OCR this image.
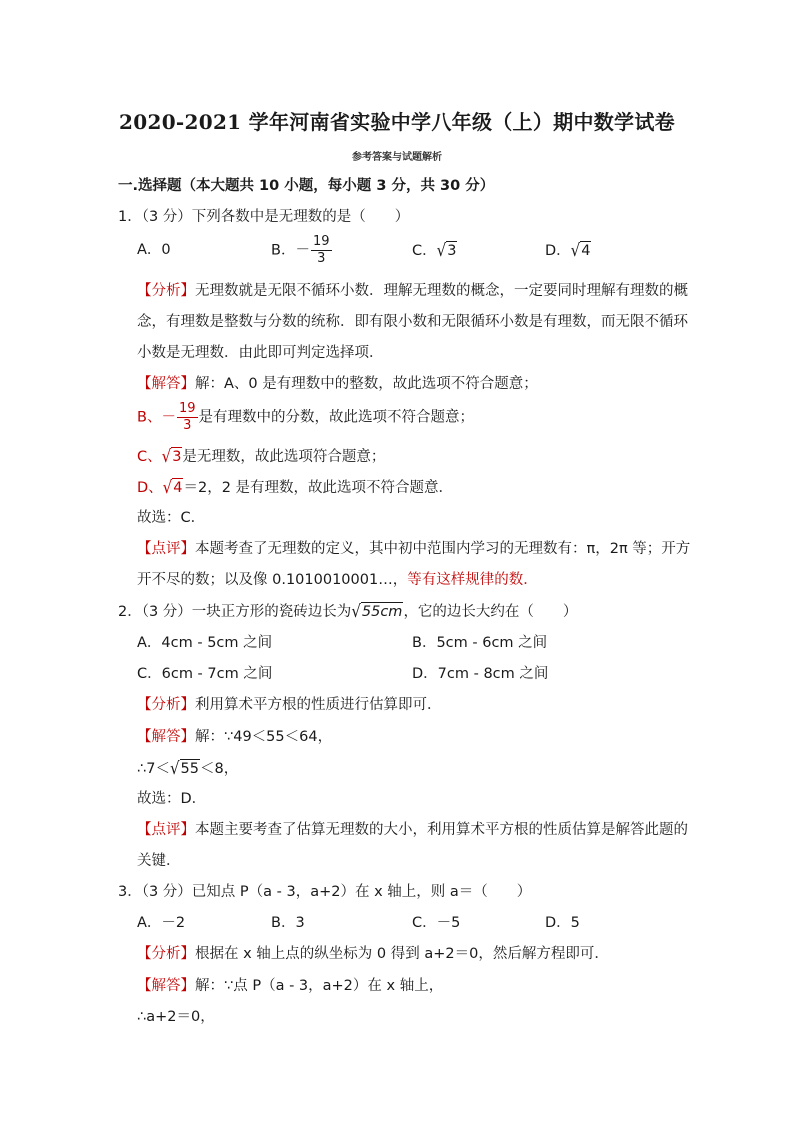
2020-2021 学年河南省实验中学八年级（上）期中数学试卷
参考答案与试题解析
一.选择题（本大题共 10 小题，每小题 3 分，共 30 分）
1．（3 分）下列各数中是无理数的是（　　）
A．0	B．－ $\frac{19}{3}$	C．√3	D．√4
【分析】无理数就是无限不循环小数．理解无理数的概念，一定要同时理解有理数的概
念，有理数是整数与分数的统称．即有限小数和无限循环小数是有理数，而无限不循环
小数是无理数．由此即可判定选择项．
【解答】解：A、0 是有理数中的整数，故此选项不符合题意；
B、－ $\frac{19}{3}$ 是有理数中的分数，故此选项不符合题意；
C、√3是无理数，故此选项符合题意；
D、√4＝2，2 是有理数，故此选项不符合题意．
故选：C．
【点评】本题考查了无理数的定义，其中初中范围内学习的无理数有：π，2π 等；开方
开不尽的数；以及像 0.1010010001…，等有这样规律的数．
2．（3 分）一块正方形的瓷砖边长为√55cm，它的边长大约在（　　）
A．4cm - 5cm 之间	B．5cm - 6cm 之间
C．6cm - 7cm 之间	D．7cm - 8cm 之间
【分析】利用算术平方根的性质进行估算即可．
【解答】解：∵49＜55＜64，
∴7＜√55＜8，
故选：D．
【点评】本题主要考查了估算无理数的大小，利用算术平方根的性质估算是解答此题的
关键．
3．（3 分）已知点 P（a - 3，a+2）在 x 轴上，则 a＝（　　）
A．－2	B．3	C．－5	D．5
【分析】根据在 x 轴上点的纵坐标为 0 得到 a+2＝0，然后解方程即可．
【解答】解：∵点 P（a - 3，a+2）在 x 轴上，
∴a+2＝0，
